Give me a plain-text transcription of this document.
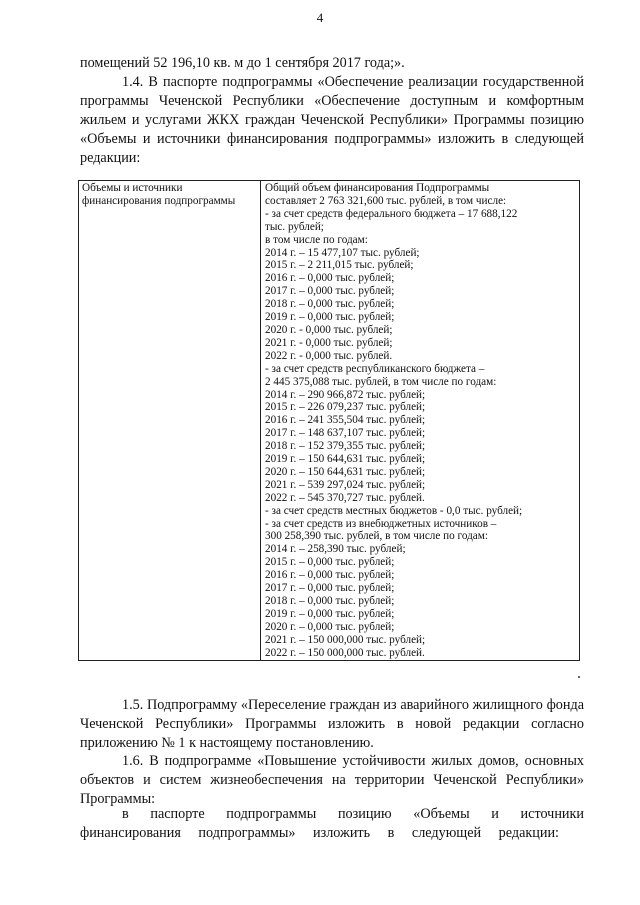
4

помещений 52 196,10 кв. м до 1 сентября 2017 года;».

1.4. В паспорте подпрограммы «Обеспечение реализации государственной программы Чеченской Республики «Обеспечение доступным и комфортным жильем и услугами ЖКХ граждан Чеченской Республики» Программы позицию «Объемы и источники финансирования подпрограммы» изложить в следующей редакции:

Объемы и источники
финансирования подпрограммы
Общий объем финансирования Подпрограммы
составляет 2 763 321,600 тыс. рублей, в том числе:
- за счет средств федерального бюджета – 17 688,122
тыс. рублей;
в том числе по годам:
2014 г. – 15 477,107 тыс. рублей;
2015 г. – 2 211,015 тыс. рублей;
2016 г. – 0,000 тыс. рублей;
2017 г. – 0,000 тыс. рублей;
2018 г. – 0,000 тыс. рублей;
2019 г. – 0,000 тыс. рублей;
2020 г. - 0,000 тыс. рублей;
2021 г. - 0,000 тыс. рублей;
2022 г. - 0,000 тыс. рублей.
- за счет средств республиканского бюджета –
2 445 375,088 тыс. рублей, в том числе по годам:
2014 г. – 290 966,872 тыс. рублей;
2015 г. – 226 079,237 тыс. рублей;
2016 г. – 241 355,504 тыс. рублей;
2017 г. – 148 637,107 тыс. рублей;
2018 г. – 152 379,355 тыс. рублей;
2019 г. – 150 644,631 тыс. рублей;
2020 г. – 150 644,631 тыс. рублей;
2021 г. – 539 297,024 тыс. рублей;
2022 г. – 545 370,727 тыс. рублей.
- за счет средств местных бюджетов - 0,0 тыс. рублей;
- за счет средств из внебюджетных источников –
300 258,390 тыс. рублей, в том числе по годам:
2014 г. – 258,390 тыс. рублей;
2015 г. – 0,000 тыс. рублей;
2016 г. – 0,000 тыс. рублей;
2017 г. – 0,000 тыс. рублей;
2018 г. – 0,000 тыс. рублей;
2019 г. – 0,000 тыс. рублей;
2020 г. – 0,000 тыс. рублей;
2021 г. – 150 000,000 тыс. рублей;
2022 г. – 150 000,000 тыс. рублей.

1.5. Подпрограмму «Переселение граждан из аварийного жилищного фонда Чеченской Республики» Программы изложить в новой редакции согласно приложению № 1 к настоящему постановлению.

1.6. В подпрограмме «Повышение устойчивости жилых домов, основных объектов и систем жизнеобеспечения на территории Чеченской Республики» Программы:

в паспорте подпрограммы позицию «Объемы и источники финансирования подпрограммы» изложить в следующей редакции:
